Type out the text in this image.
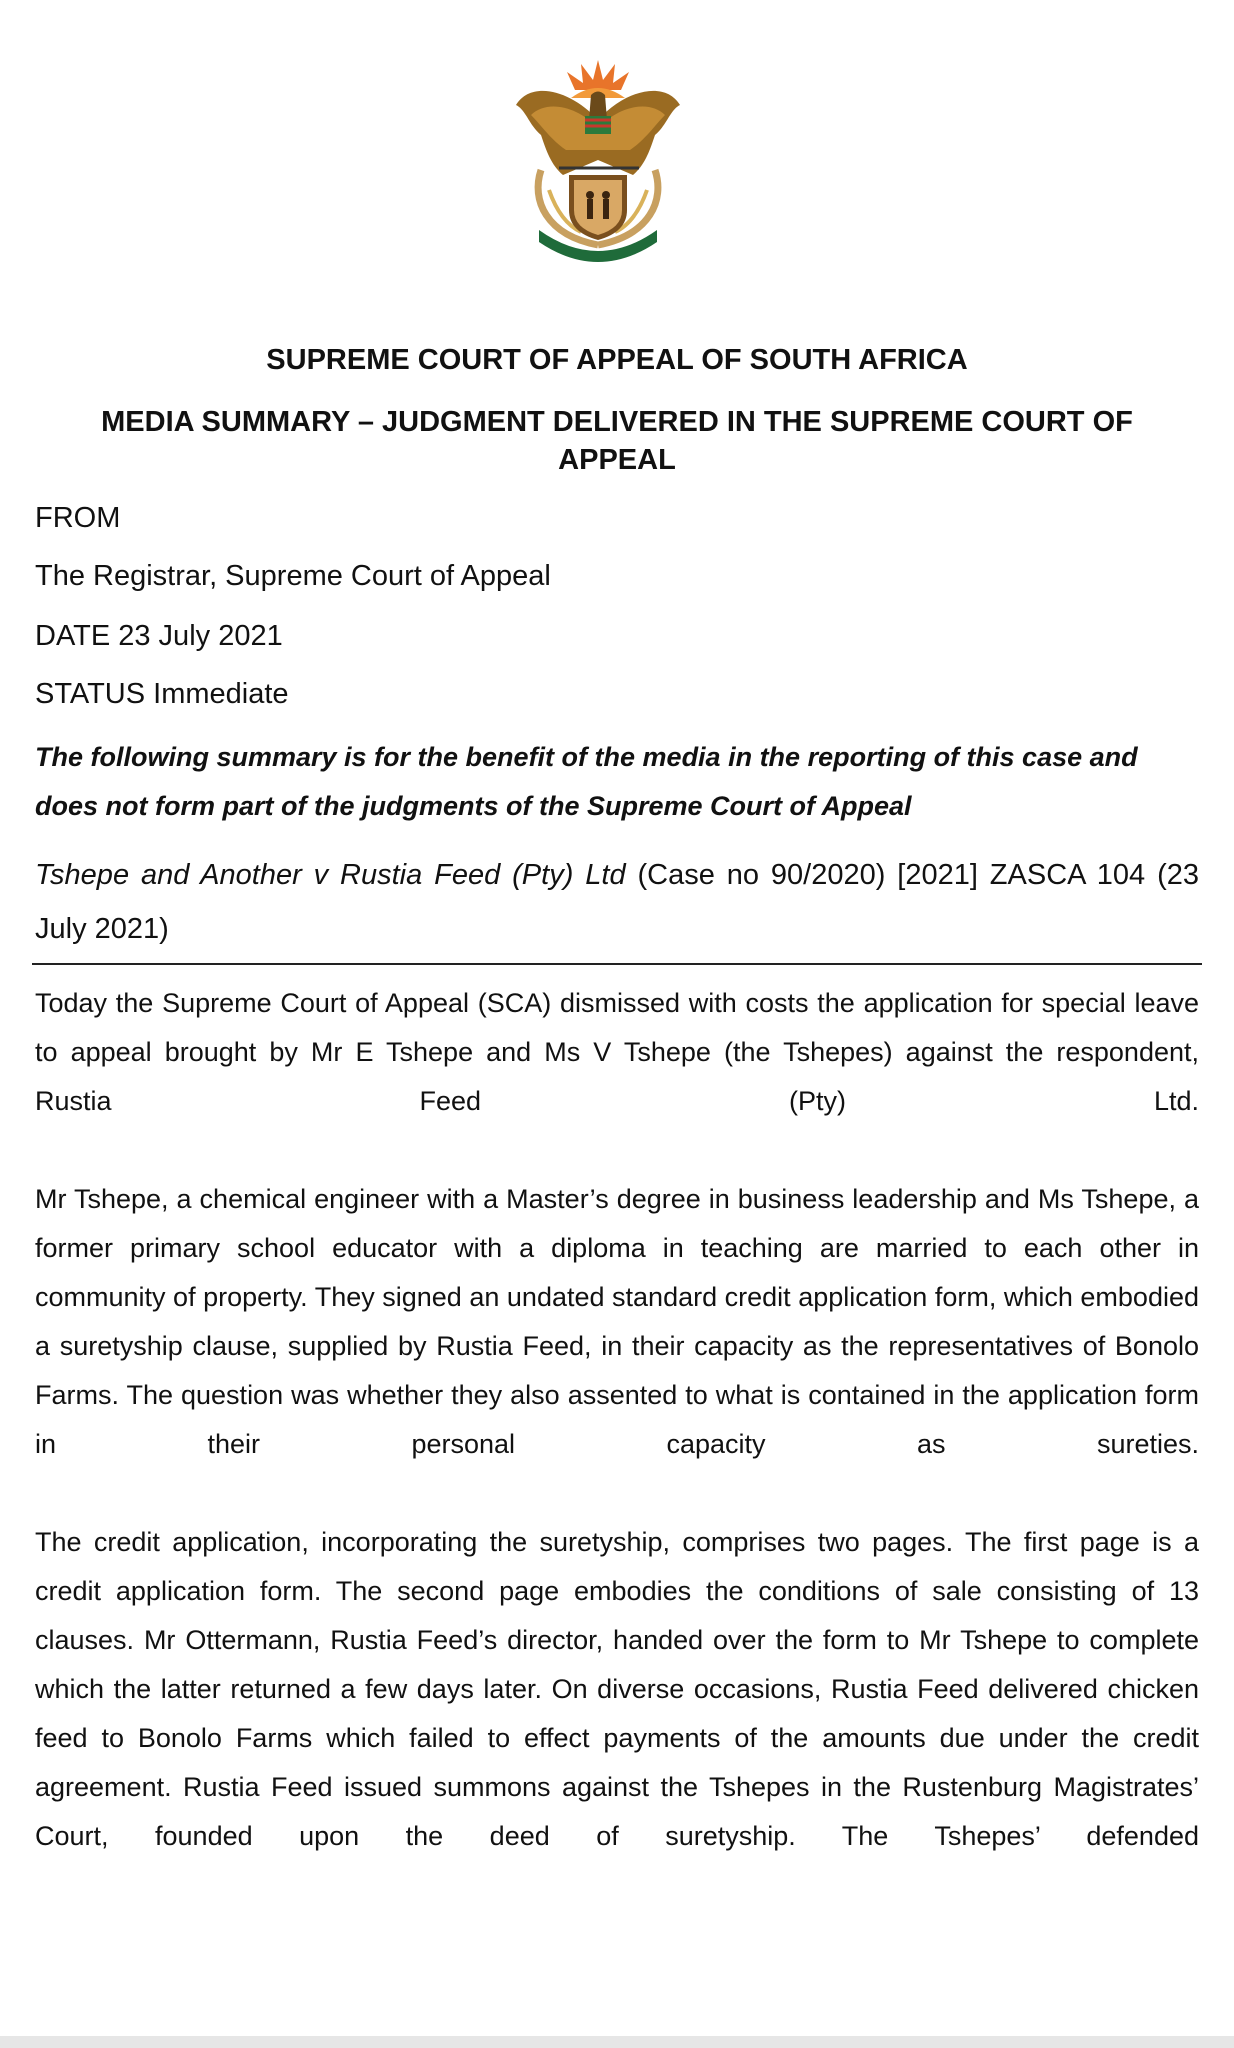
SUPREME COURT OF APPEAL OF SOUTH AFRICA
MEDIA SUMMARY – JUDGMENT DELIVERED IN THE SUPREME COURT OF APPEAL

FROM

The Registrar, Supreme Court of Appeal

DATE 23 July 2021

STATUS Immediate

The following summary is for the benefit of the media in the reporting of this case and does not form part of the judgments of the Supreme Court of Appeal

Tshepe and Another v Rustia Feed (Pty) Ltd (Case no 90/2020) [2021] ZASCA 104 (23 July 2021)

Today the Supreme Court of Appeal (SCA) dismissed with costs the application for special leave to appeal brought by Mr E Tshepe and Ms V Tshepe (the Tshepes) against the respondent, Rustia Feed (Pty) Ltd.

Mr Tshepe, a chemical engineer with a Master’s degree in business leadership and Ms Tshepe, a former primary school educator with a diploma in teaching are married to each other in community of property. They signed an undated standard credit application form, which embodied a suretyship clause, supplied by Rustia Feed, in their capacity as the representatives of Bonolo Farms. The question was whether they also assented to what is contained in the application form in their personal capacity as sureties.

The credit application, incorporating the suretyship, comprises two pages. The first page is a credit application form. The second page embodies the conditions of sale consisting of 13 clauses. Mr Ottermann, Rustia Feed’s director, handed over the form to Mr Tshepe to complete which the latter returned a few days later. On diverse occasions, Rustia Feed delivered chicken feed to Bonolo Farms which failed to effect payments of the amounts due under the credit agreement. Rustia Feed issued summons against the Tshepes in the Rustenburg Magistrates’ Court, founded upon the deed of suretyship. The Tshepes’ defended
